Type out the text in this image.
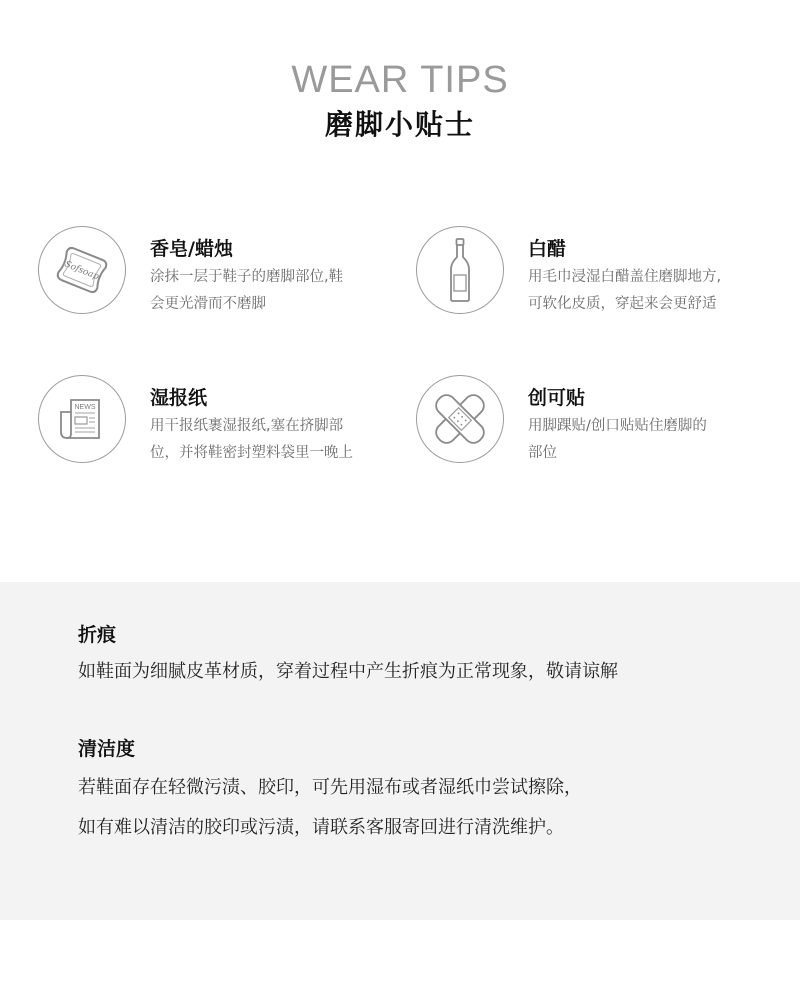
WEAR TIPS
磨脚小贴士
Sofsoap
香皂/蜡烛
涂抹一层于鞋子的磨脚部位,鞋
会更光滑而不磨脚
白醋
用毛巾浸湿白醋盖住磨脚地方,
可软化皮质，穿起来会更舒适
NEWS	湿报纸
用干报纸裹湿报纸,塞在挤脚部
位，并将鞋密封塑料袋里一晚上
创可贴
用脚踝贴/创口贴贴住磨脚的
部位
折痕
如鞋面为细腻皮革材质，穿着过程中产生折痕为正常现象，敬请谅解
清洁度
若鞋面存在轻微污渍、胶印，可先用湿布或者湿纸巾尝试擦除，
如有难以清洁的胶印或污渍，请联系客服寄回进行清洗维护。
